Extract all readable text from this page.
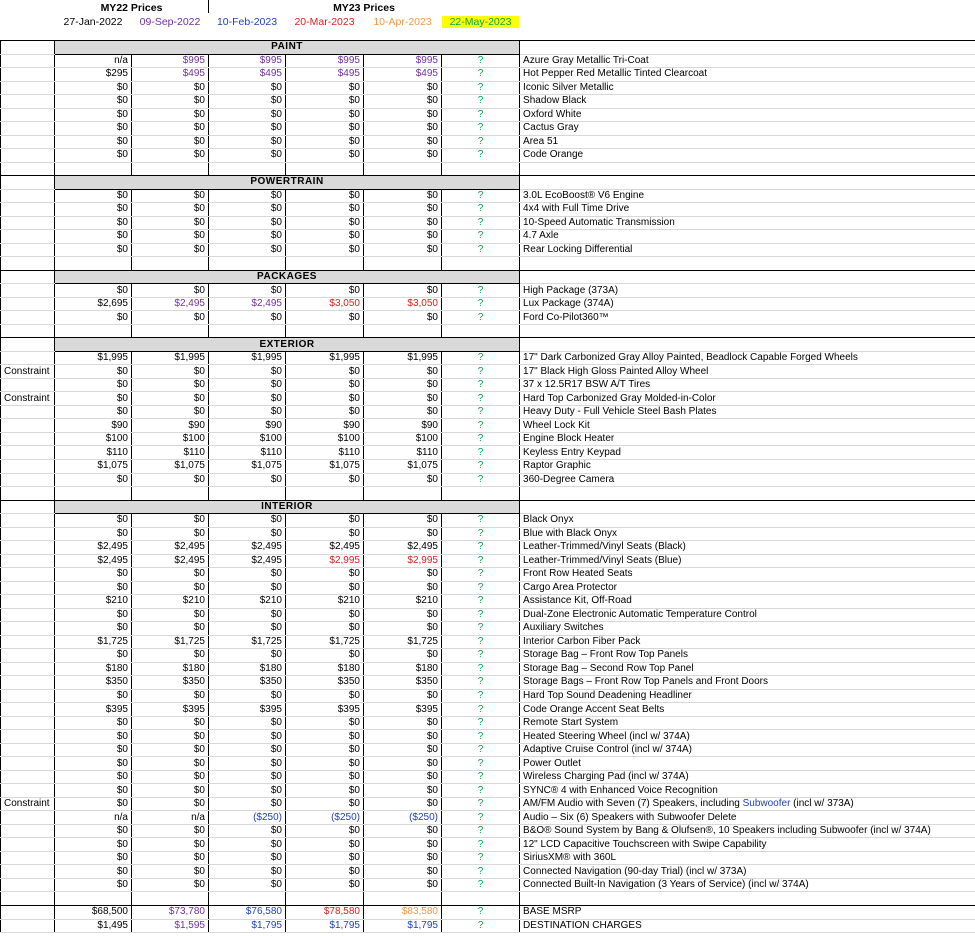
MY22 Prices	MY23 Prices
27-Jan-2022	09-Sep-2022	10-Feb-2023	20-Mar-2023	10-Apr-2023	22-May-2023
	PAINT						
	n/a	$995	$995	$995	$995	?	Azure Gray Metallic Tri-Coat
	$295	$495	$495	$495	$495	?	Hot Pepper Red Metallic Tinted Clearcoat
	$0	$0	$0	$0	$0	?	Iconic Silver Metallic
	$0	$0	$0	$0	$0	?	Shadow Black
	$0	$0	$0	$0	$0	?	Oxford White
	$0	$0	$0	$0	$0	?	Cactus Gray
	$0	$0	$0	$0	$0	?	Area 51
	$0	$0	$0	$0	$0	?	Code Orange

	POWERTRAIN						
	$0	$0	$0	$0	$0	?	3.0L EcoBoost® V6 Engine
	$0	$0	$0	$0	$0	?	4x4 with Full Time Drive
	$0	$0	$0	$0	$0	?	10-Speed Automatic Transmission
	$0	$0	$0	$0	$0	?	4.7 Axle
	$0	$0	$0	$0	$0	?	Rear Locking Differential

	PACKAGES						
	$0	$0	$0	$0	$0	?	High Package (373A)
	$2,695	$2,495	$2,495	$3,050	$3,050	?	Lux Package (374A)
	$0	$0	$0	$0	$0	?	Ford Co-Pilot360™

	EXTERIOR						
	$1,995	$1,995	$1,995	$1,995	$1,995	?	17" Dark Carbonized Gray Alloy Painted, Beadlock Capable Forged Wheels
Constraint	$0	$0	$0	$0	$0	?	17" Black High Gloss Painted Alloy Wheel
	$0	$0	$0	$0	$0	?	37 x 12.5R17 BSW A/T Tires
Constraint	$0	$0	$0	$0	$0	?	Hard Top Carbonized Gray Molded-in-Color
	$0	$0	$0	$0	$0	?	Heavy Duty - Full Vehicle Steel Bash Plates
	$90	$90	$90	$90	$90	?	Wheel Lock Kit
	$100	$100	$100	$100	$100	?	Engine Block Heater
	$110	$110	$110	$110	$110	?	Keyless Entry Keypad
	$1,075	$1,075	$1,075	$1,075	$1,075	?	Raptor Graphic
	$0	$0	$0	$0	$0	?	360-Degree Camera

	INTERIOR						
	$0	$0	$0	$0	$0	?	Black Onyx
	$0	$0	$0	$0	$0	?	Blue with Black Onyx
	$2,495	$2,495	$2,495	$2,495	$2,495	?	Leather-Trimmed/Vinyl Seats (Black)
	$2,495	$2,495	$2,495	$2,995	$2,995	?	Leather-Trimmed/Vinyl Seats (Blue)
	$0	$0	$0	$0	$0	?	Front Row Heated Seats
	$0	$0	$0	$0	$0	?	Cargo Area Protector
	$210	$210	$210	$210	$210	?	Assistance Kit, Off-Road
	$0	$0	$0	$0	$0	?	Dual-Zone Electronic Automatic Temperature Control
	$0	$0	$0	$0	$0	?	Auxiliary Switches
	$1,725	$1,725	$1,725	$1,725	$1,725	?	Interior Carbon Fiber Pack
	$0	$0	$0	$0	$0	?	Storage Bag – Front Row Top Panels
	$180	$180	$180	$180	$180	?	Storage Bag – Second Row Top Panel
	$350	$350	$350	$350	$350	?	Storage Bags – Front Row Top Panels and Front Doors
	$0	$0	$0	$0	$0	?	Hard Top Sound Deadening Headliner
	$395	$395	$395	$395	$395	?	Code Orange Accent Seat Belts
	$0	$0	$0	$0	$0	?	Remote Start System
	$0	$0	$0	$0	$0	?	Heated Steering Wheel (incl w/ 374A)
	$0	$0	$0	$0	$0	?	Adaptive Cruise Control (incl w/ 374A)
	$0	$0	$0	$0	$0	?	Power Outlet
	$0	$0	$0	$0	$0	?	Wireless Charging Pad (incl w/ 374A)
	$0	$0	$0	$0	$0	?	SYNC® 4 with Enhanced Voice Recognition
Constraint	$0	$0	$0	$0	$0	?	AM/FM Audio with Seven (7) Speakers, including Subwoofer (incl w/ 373A)
	n/a	n/a	($250)	($250)	($250)	?	Audio – Six (6) Speakers with Subwoofer Delete
	$0	$0	$0	$0	$0	?	B&O® Sound System by Bang & Olufsen®, 10 Speakers including Subwoofer (incl w/ 374A)
	$0	$0	$0	$0	$0	?	12" LCD Capacitive Touchscreen with Swipe Capability
	$0	$0	$0	$0	$0	?	SiriusXM® with 360L
	$0	$0	$0	$0	$0	?	Connected Navigation (90-day Trial) (incl w/ 373A)
	$0	$0	$0	$0	$0	?	Connected Built-In Navigation (3 Years of Service) (incl w/ 374A)

	$68,500	$73,780	$76,580	$78,580	$83,580	?	BASE MSRP
	$1,495	$1,595	$1,795	$1,795	$1,795	?	DESTINATION CHARGES
